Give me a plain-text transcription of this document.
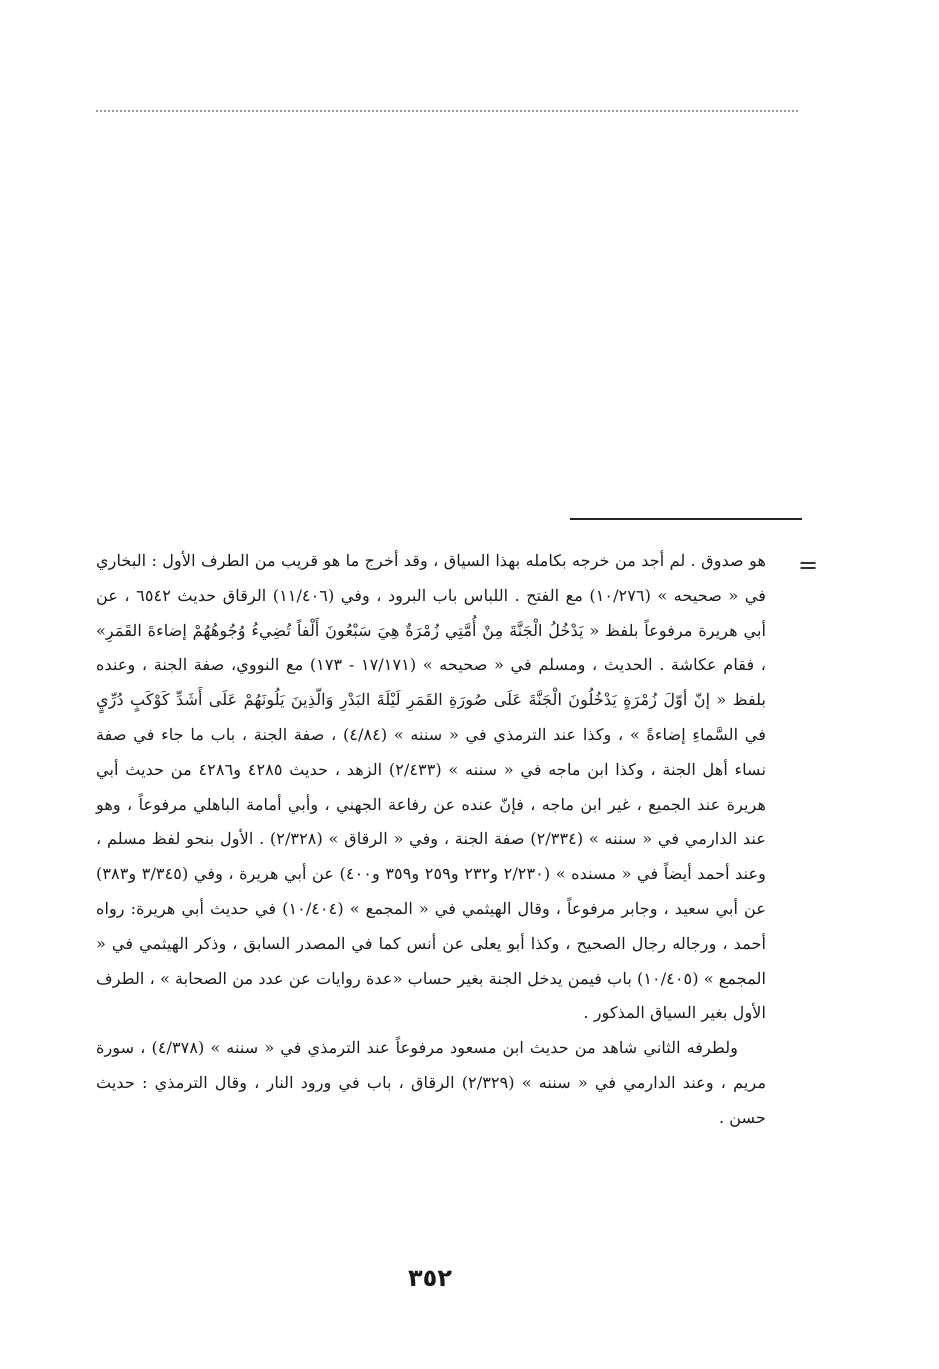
=

هو صدوق . لم أجد من خرجه بكامله بهذا السياق ، وقد أخرج ما هو قريب من الطرف الأول : البخاري في « صحيحه » (١٠/٢٧٦) مع الفتح . اللباس باب البرود ، وفي (١١/٤٠٦) الرقاق حديث ٦٥٤٢ ، عن أبي هريرة مرفوعاً بلفظ « يَدْخُلُ الْجَنَّةَ مِنْ أُمَّتِي زُمْرَةٌ هِيَ سَبْعُونَ أَلْفاً تُضِيءُ وُجُوهُهُمْ إضاءةَ القَمَرِ» ، فقام عكاشة . الحديث ، ومسلم في « صحيحه » (١٧/١٧١ - ١٧٣) مع النووي، صفة الجنة ، وعنده بلفظ « إنّ أوّلَ زُمْرَةٍ يَدْخُلُونَ الْجَنَّةَ عَلَى صُورَةِ القَمَرِ لَيْلَةَ البَدْرِ وَالّذِينَ يَلُونَهُمْ عَلَى أَشَدِّ كَوْكَبٍ دُرِّيٍ في السَّماءِ إضاءةً » ، وكذا عند الترمذي في « سننه » (٤/٨٤) ، صفة الجنة ، باب ما جاء في صفة نساء أهل الجنة ، وكذا ابن ماجه في « سننه » (٢/٤٣٣) الزهد ، حديث ٤٢٨٥ و٤٢٨٦ من حديث أبي هريرة عند الجميع ، غير ابن ماجه ، فإنّ عنده عن رفاعة الجهني ، وأبي أمامة الباهلي مرفوعاً ، وهو عند الدارمي في « سننه » (٢/٣٣٤) صفة الجنة ، وفي « الرقاق » (٢/٣٢٨) . الأول بنحو لفظ مسلم ، وعند أحمد أيضاً في « مسنده » (٢/٢٣٠ و٢٣٢ و٢٥٩ و٣٥٩ و٤٠٠) عن أبي هريرة ، وفي (٣/٣٤٥ و٣٨٣) عن أبي سعيد ، وجابر مرفوعاً ، وقال الهيثمي في « المجمع » (١٠/٤٠٤) في حديث أبي هريرة: رواه أحمد ، ورجاله رجال الصحيح ، وكذا أبو يعلى عن أنس كما في المصدر السابق ، وذكر الهيثمي في « المجمع » (١٠/٤٠٥) باب فيمن يدخل الجنة بغير حساب «عدة روايات عن عدد من الصحابة » ، الطرف الأول بغير السياق المذكور .

ولطرفه الثاني شاهد من حديث ابن مسعود مرفوعاً عند الترمذي في « سننه » (٤/٣٧٨) ، سورة مريم ، وعند الدارمي في « سننه » (٢/٣٢٩) الرقاق ، باب في ورود النار ، وقال الترمذي : حديث حسن .

٣٥٢
